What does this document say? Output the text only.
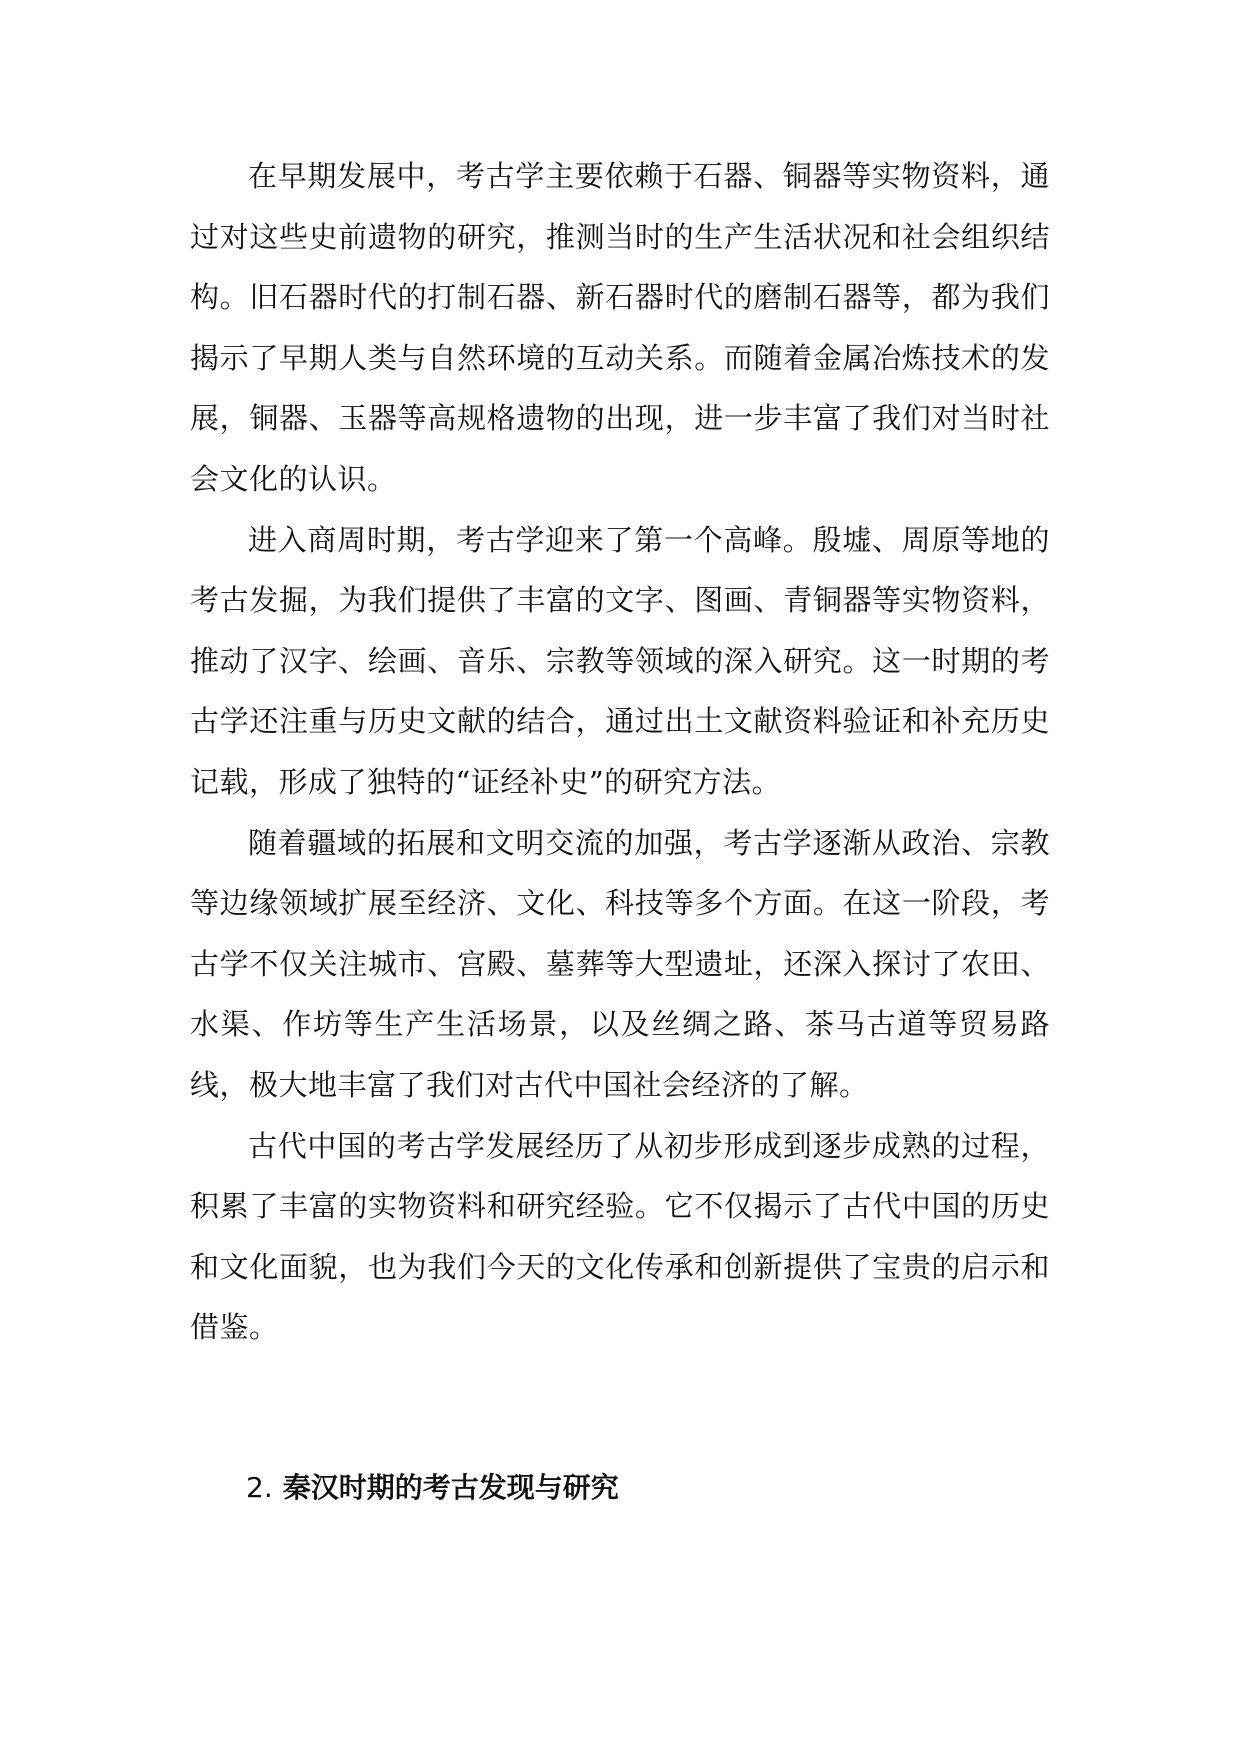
在早期发展中，考古学主要依赖于石器、铜器等实物资料，通过对这些史前遗物的研究，推测当时的生产生活状况和社会组织结构。旧石器时代的打制石器、新石器时代的磨制石器等，都为我们揭示了早期人类与自然环境的互动关系。而随着金属冶炼技术的发展，铜器、玉器等高规格遗物的出现，进一步丰富了我们对当时社会文化的认识。

进入商周时期，考古学迎来了第一个高峰。殷墟、周原等地的考古发掘，为我们提供了丰富的文字、图画、青铜器等实物资料，推动了汉字、绘画、音乐、宗教等领域的深入研究。这一时期的考古学还注重与历史文献的结合，通过出土文献资料验证和补充历史记载，形成了独特的“证经补史”的研究方法。

随着疆域的拓展和文明交流的加强，考古学逐渐从政治、宗教等边缘领域扩展至经济、文化、科技等多个方面。在这一阶段，考古学不仅关注城市、宫殿、墓葬等大型遗址，还深入探讨了农田、水渠、作坊等生产生活场景，以及丝绸之路、茶马古道等贸易路线，极大地丰富了我们对古代中国社会经济的了解。

古代中国的考古学发展经历了从初步形成到逐步成熟的过程，积累了丰富的实物资料和研究经验。它不仅揭示了古代中国的历史和文化面貌，也为我们今天的文化传承和创新提供了宝贵的启示和借鉴。

2. 秦汉时期的考古发现与研究
